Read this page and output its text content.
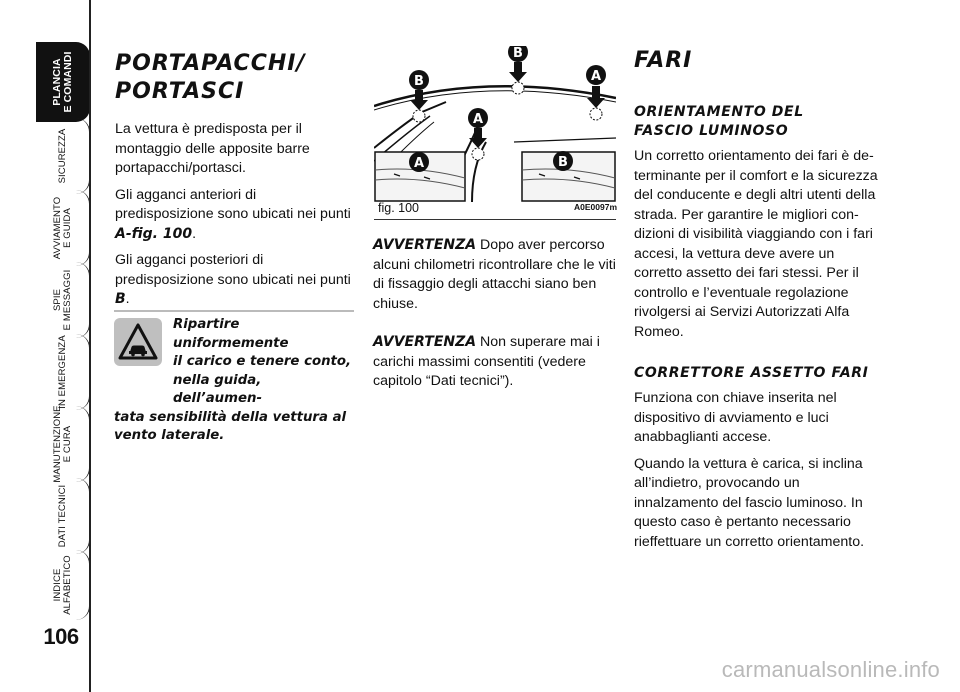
PLANCIA E COMANDI
SICUREZZA
AVVIAMENTO E GUIDA
SPIE E MESSAGGI
IN EMERGENZA
MANUTENZIONE E CURA
DATI TECNICI
INDICE ALFABETICO
106
PORTAPACCHI/
PORTASCI

La vettura è predisposta per il montaggio delle apposite barre portapacchi/portasci.

Gli agganci anteriori di predisposizione sono ubicati nei punti A-fig. 100.

Gli agganci posteriori di predisposizione sono ubicati nei punti B.

Ripartire uniformemente
il carico e tenere conto,
nella guida, dell’aumen-
tata sensibilità della vettura al vento laterale.
B
B
A
A
A	B
fig. 100	A0E0097m

AVVERTENZA Dopo aver percorso alcuni chilometri ricontrollare che le viti di fissaggio degli attacchi siano ben chiuse.

AVVERTENZA Non superare mai i carichi massimi consentiti (vedere capitolo “Dati tecnici”).

FARI
ORIENTAMENTO DEL
FASCIO LUMINOSO

Un corretto orientamento dei fari è determinante per il comfort e la sicurezza del conducente e degli altri utenti della strada. Per garantire le migliori condizioni di visibilità viaggiando con i fari accesi, la vettura deve avere un corretto assetto dei fari stessi. Per il controllo e l’eventuale regolazione rivolgersi ai Servizi Autorizzati Alfa Romeo.

CORRETTORE ASSETTO FARI

Funziona con chiave inserita nel dispositivo di avviamento e luci anabbaglianti accese.

Quando la vettura è carica, si inclina all’indietro, provocando un innalzamento del fascio luminoso. In questo caso è pertanto necessario rieffettuare un corretto orientamento.

carmanualsonline.info
